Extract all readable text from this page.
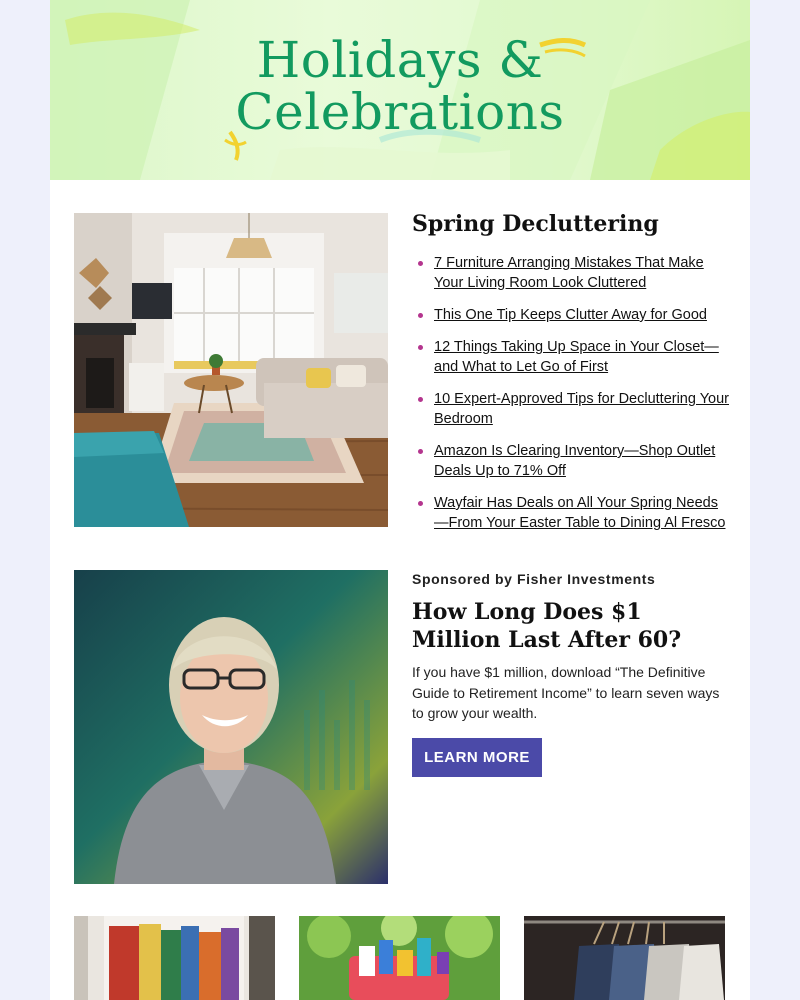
Holidays &
Celebrations
Spring Decluttering
7 Furniture Arranging Mistakes That Make Your Living Room Look Cluttered
This One Tip Keeps Clutter Away for Good
12 Things Taking Up Space in Your Closet—and What to Let Go of First
10 Expert-Approved Tips for Decluttering Your Bedroom
Amazon Is Clearing Inventory—Shop Outlet Deals Up to 71% Off
Wayfair Has Deals on All Your Spring Needs—From Your Easter Table to Dining Al Fresco
Sponsored by Fisher Investments
How Long Does $1 Million Last After 60?
If you have $1 million, download “The Definitive Guide to Retirement Income” to learn seven ways to grow your wealth.
LEARN MORE
